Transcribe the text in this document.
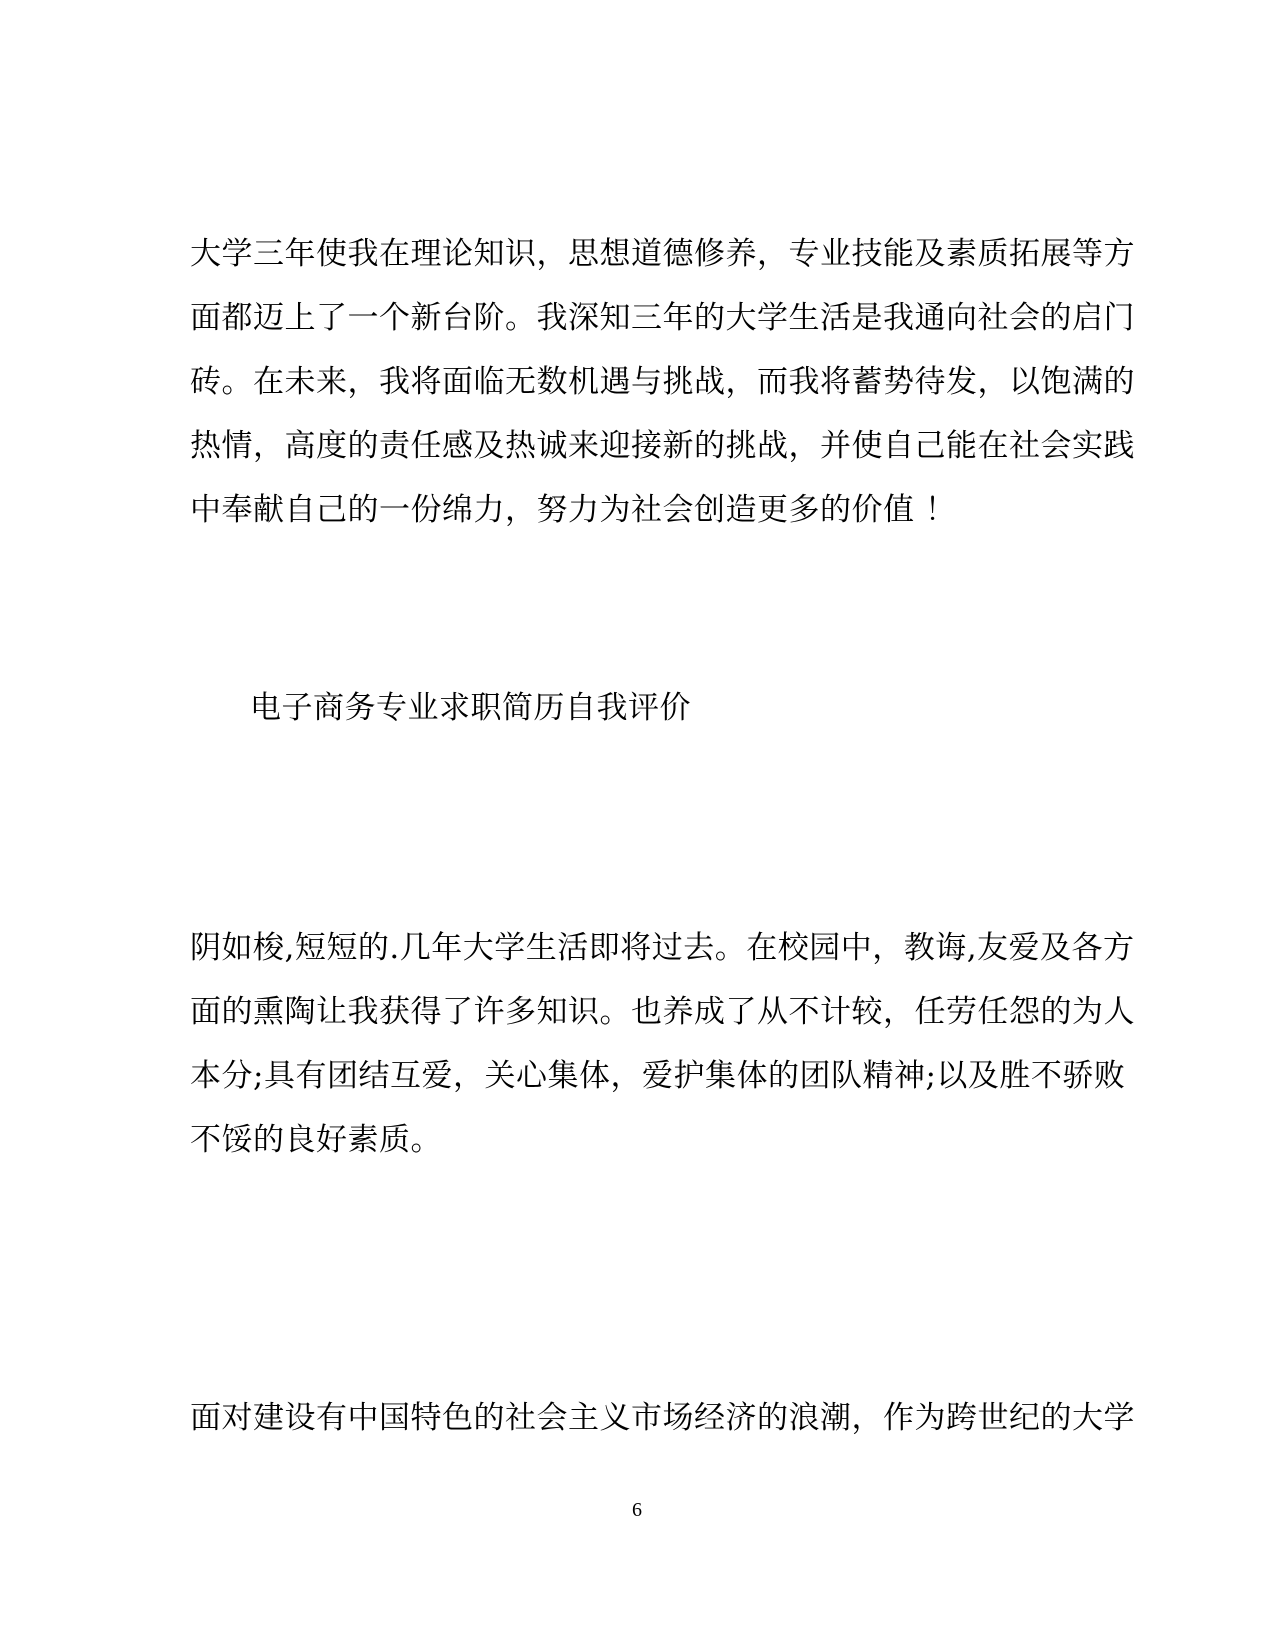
大学三年使我在理论知识，思想道德修养，专业技能及素质拓展等方
面都迈上了一个新台阶。我深知三年的大学生活是我通向社会的启门
砖。在未来，我将面临无数机遇与挑战，而我将蓄势待发，以饱满的
热情，高度的责任感及热诚来迎接新的挑战，并使自己能在社会实践
中奉献自己的一份绵力，努力为社会创造更多的价值 ！
电子商务专业求职简历自我评价
阴如梭,短短的.几年大学生活即将过去。在校园中，教诲,友爱及各方
面的熏陶让我获得了许多知识。也养成了从不计较，任劳任怨的为人
本分;具有团结互爱，关心集体，爱护集体的团队精神;以及胜不骄败
不馁的良好素质。
面对建设有中国特色的社会主义市场经济的浪潮，作为跨世纪的大学
6
